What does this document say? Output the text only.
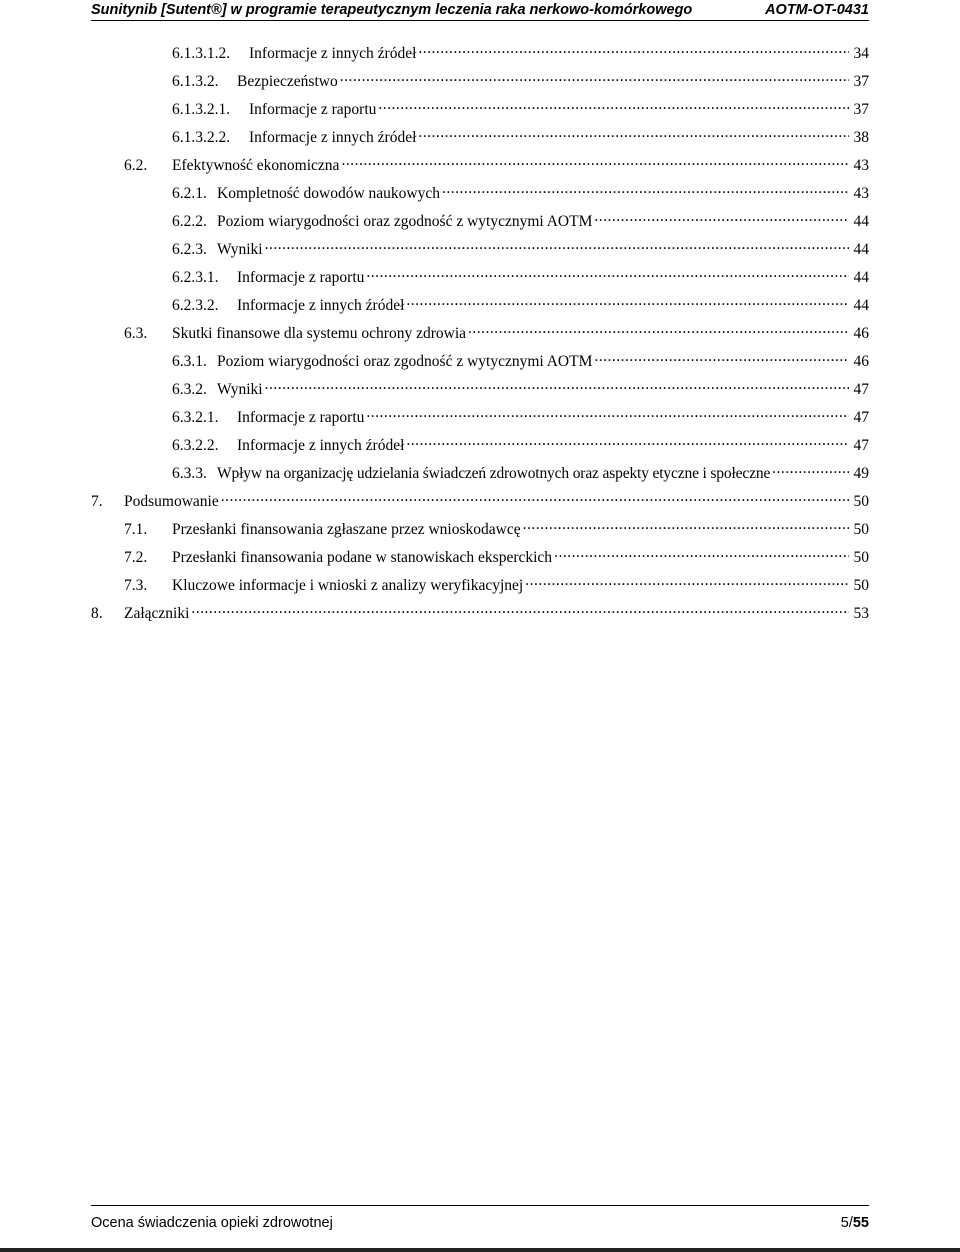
Sunitynib [Sutent®] w programie terapeutycznym leczenia raka nerkowo-komórkowego	AOTM-OT-0431
6.1.3.1.2.	Informacje z innych źródeł .....	34
6.1.3.2.	Bezpieczeństwo .....	37
6.1.3.2.1.	Informacje z raportu .....	37
6.1.3.2.2.	Informacje z innych źródeł .....	38
6.2.	Efektywność ekonomiczna .....	43
6.2.1. Kompletność dowodów naukowych .....	43
6.2.2. Poziom wiarygodności oraz zgodność z wytycznymi AOTM .....	44
6.2.3. Wyniki .....	44
6.2.3.1.	Informacje z raportu .....	44
6.2.3.2.	Informacje z innych źródeł .....	44
6.3.	Skutki finansowe dla systemu ochrony zdrowia .....	46
6.3.1. Poziom wiarygodności oraz zgodność z wytycznymi AOTM .....	46
6.3.2. Wyniki .....	47
6.3.2.1.	Informacje z raportu .....	47
6.3.2.2.	Informacje z innych źródeł .....	47
6.3.3. Wpływ na organizację udzielania świadczeń zdrowotnych oraz aspekty etyczne i społeczne .....	49
7.	Podsumowanie .....	50
7.1.	Przesłanki finansowania zgłaszane przez wnioskodawcę .....	50
7.2.	Przesłanki finansowania podane w stanowiskach eksperckich .....	50
7.3.	Kluczowe informacje i wnioski z analizy weryfikacyjnej .....	50
8.	Załączniki .....	53
Ocena świadczenia opieki zdrowotnej	5/55
